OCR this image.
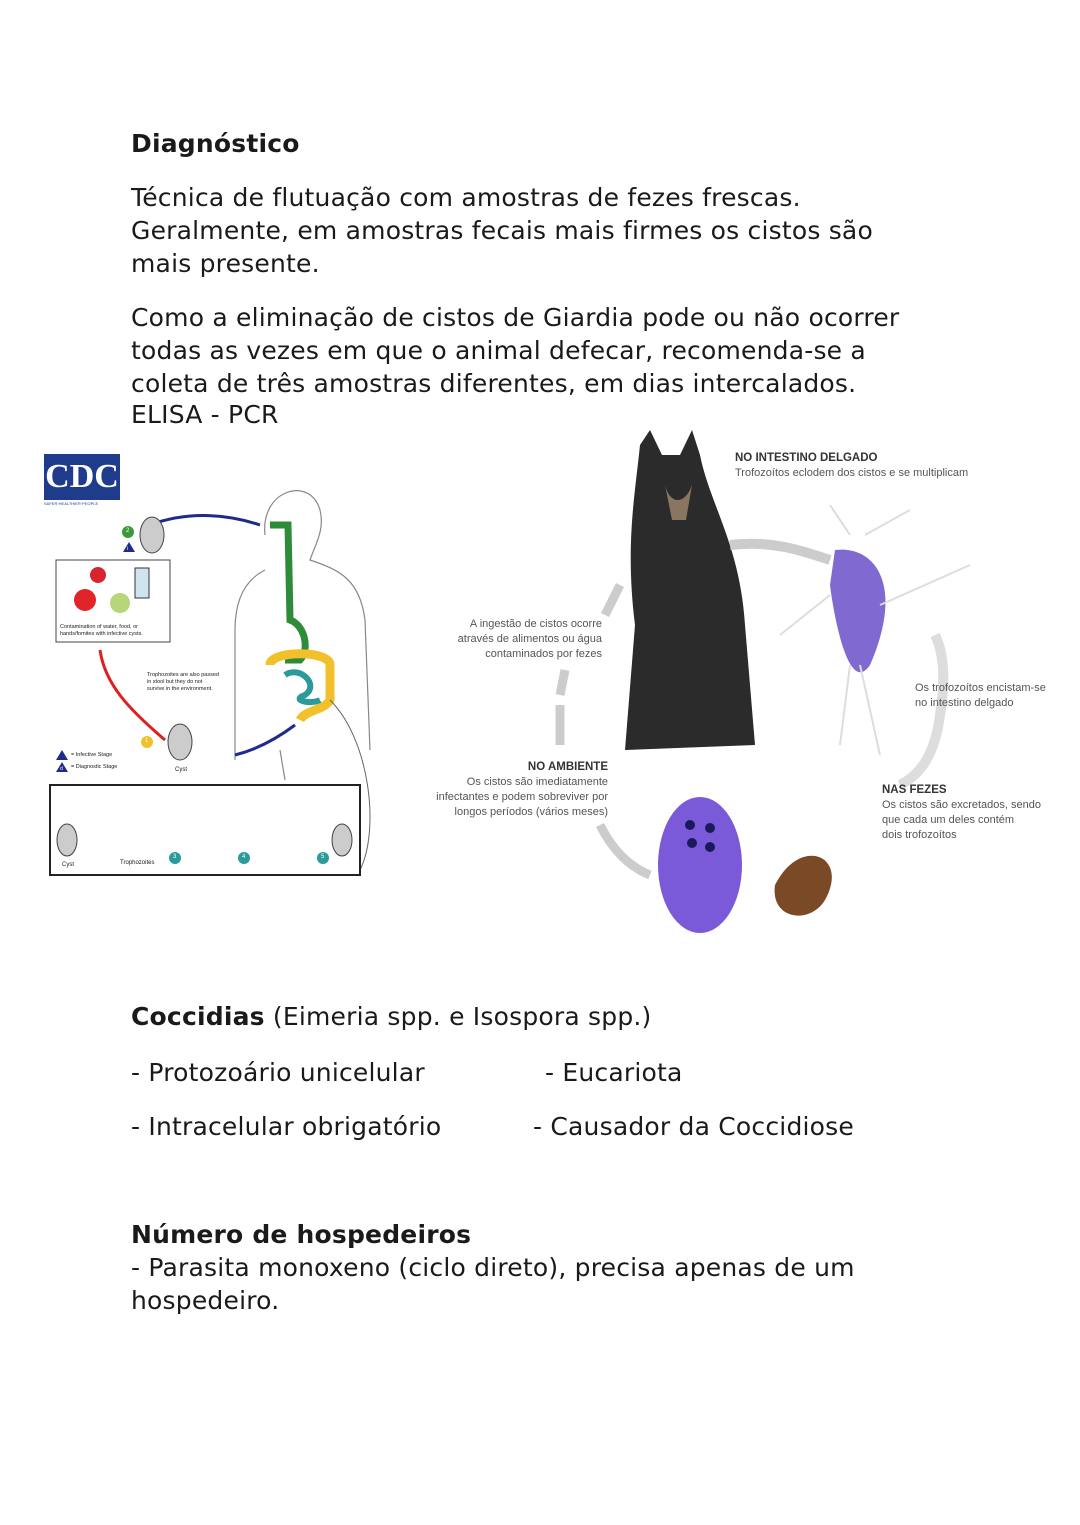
Diagnóstico
Técnica de flutuação com amostras de fezes frescas.
Geralmente, em amostras fecais mais firmes os cistos são
mais presente.
Como a eliminação de cistos de Giardia pode ou não ocorrer
todas as vezes em que o animal defecar, recomenda-se a
coleta de três amostras diferentes, em dias intercalados.
ELISA - PCR
CDC
SAFER·HEALTHIER·PEOPLE
Contamination of water, food, or hands/fomites with infective cysts.
Trophozoites are also passed in stool but they do not survive in the environment.
= Infective Stage
= Diagnostic Stage	Cyst
Cyst	Trophozoites
2
1
3	4	5
i
d
NO INTESTINO DELGADO
Trofozoítos eclodem dos cistos e se multiplicam
Os trofozoítos encistam-se
no intestino delgado
NAS FEZES
Os cistos são excretados, sendo
que cada um deles contém
dois trofozoítos
NO AMBIENTE
Os cistos são imediatamente
infectantes e podem sobreviver por
longos períodos (vários meses)
A ingestão de cistos ocorre
através de alimentos ou água
contaminados por fezes
Coccidias (Eimeria spp. e Isospora spp.)
- Protozoário unicelular	- Eucariota
- Intracelular obrigatório	- Causador da Coccidiose
Número de hospedeiros
- Parasita monoxeno (ciclo direto), precisa apenas de um
hospedeiro.
